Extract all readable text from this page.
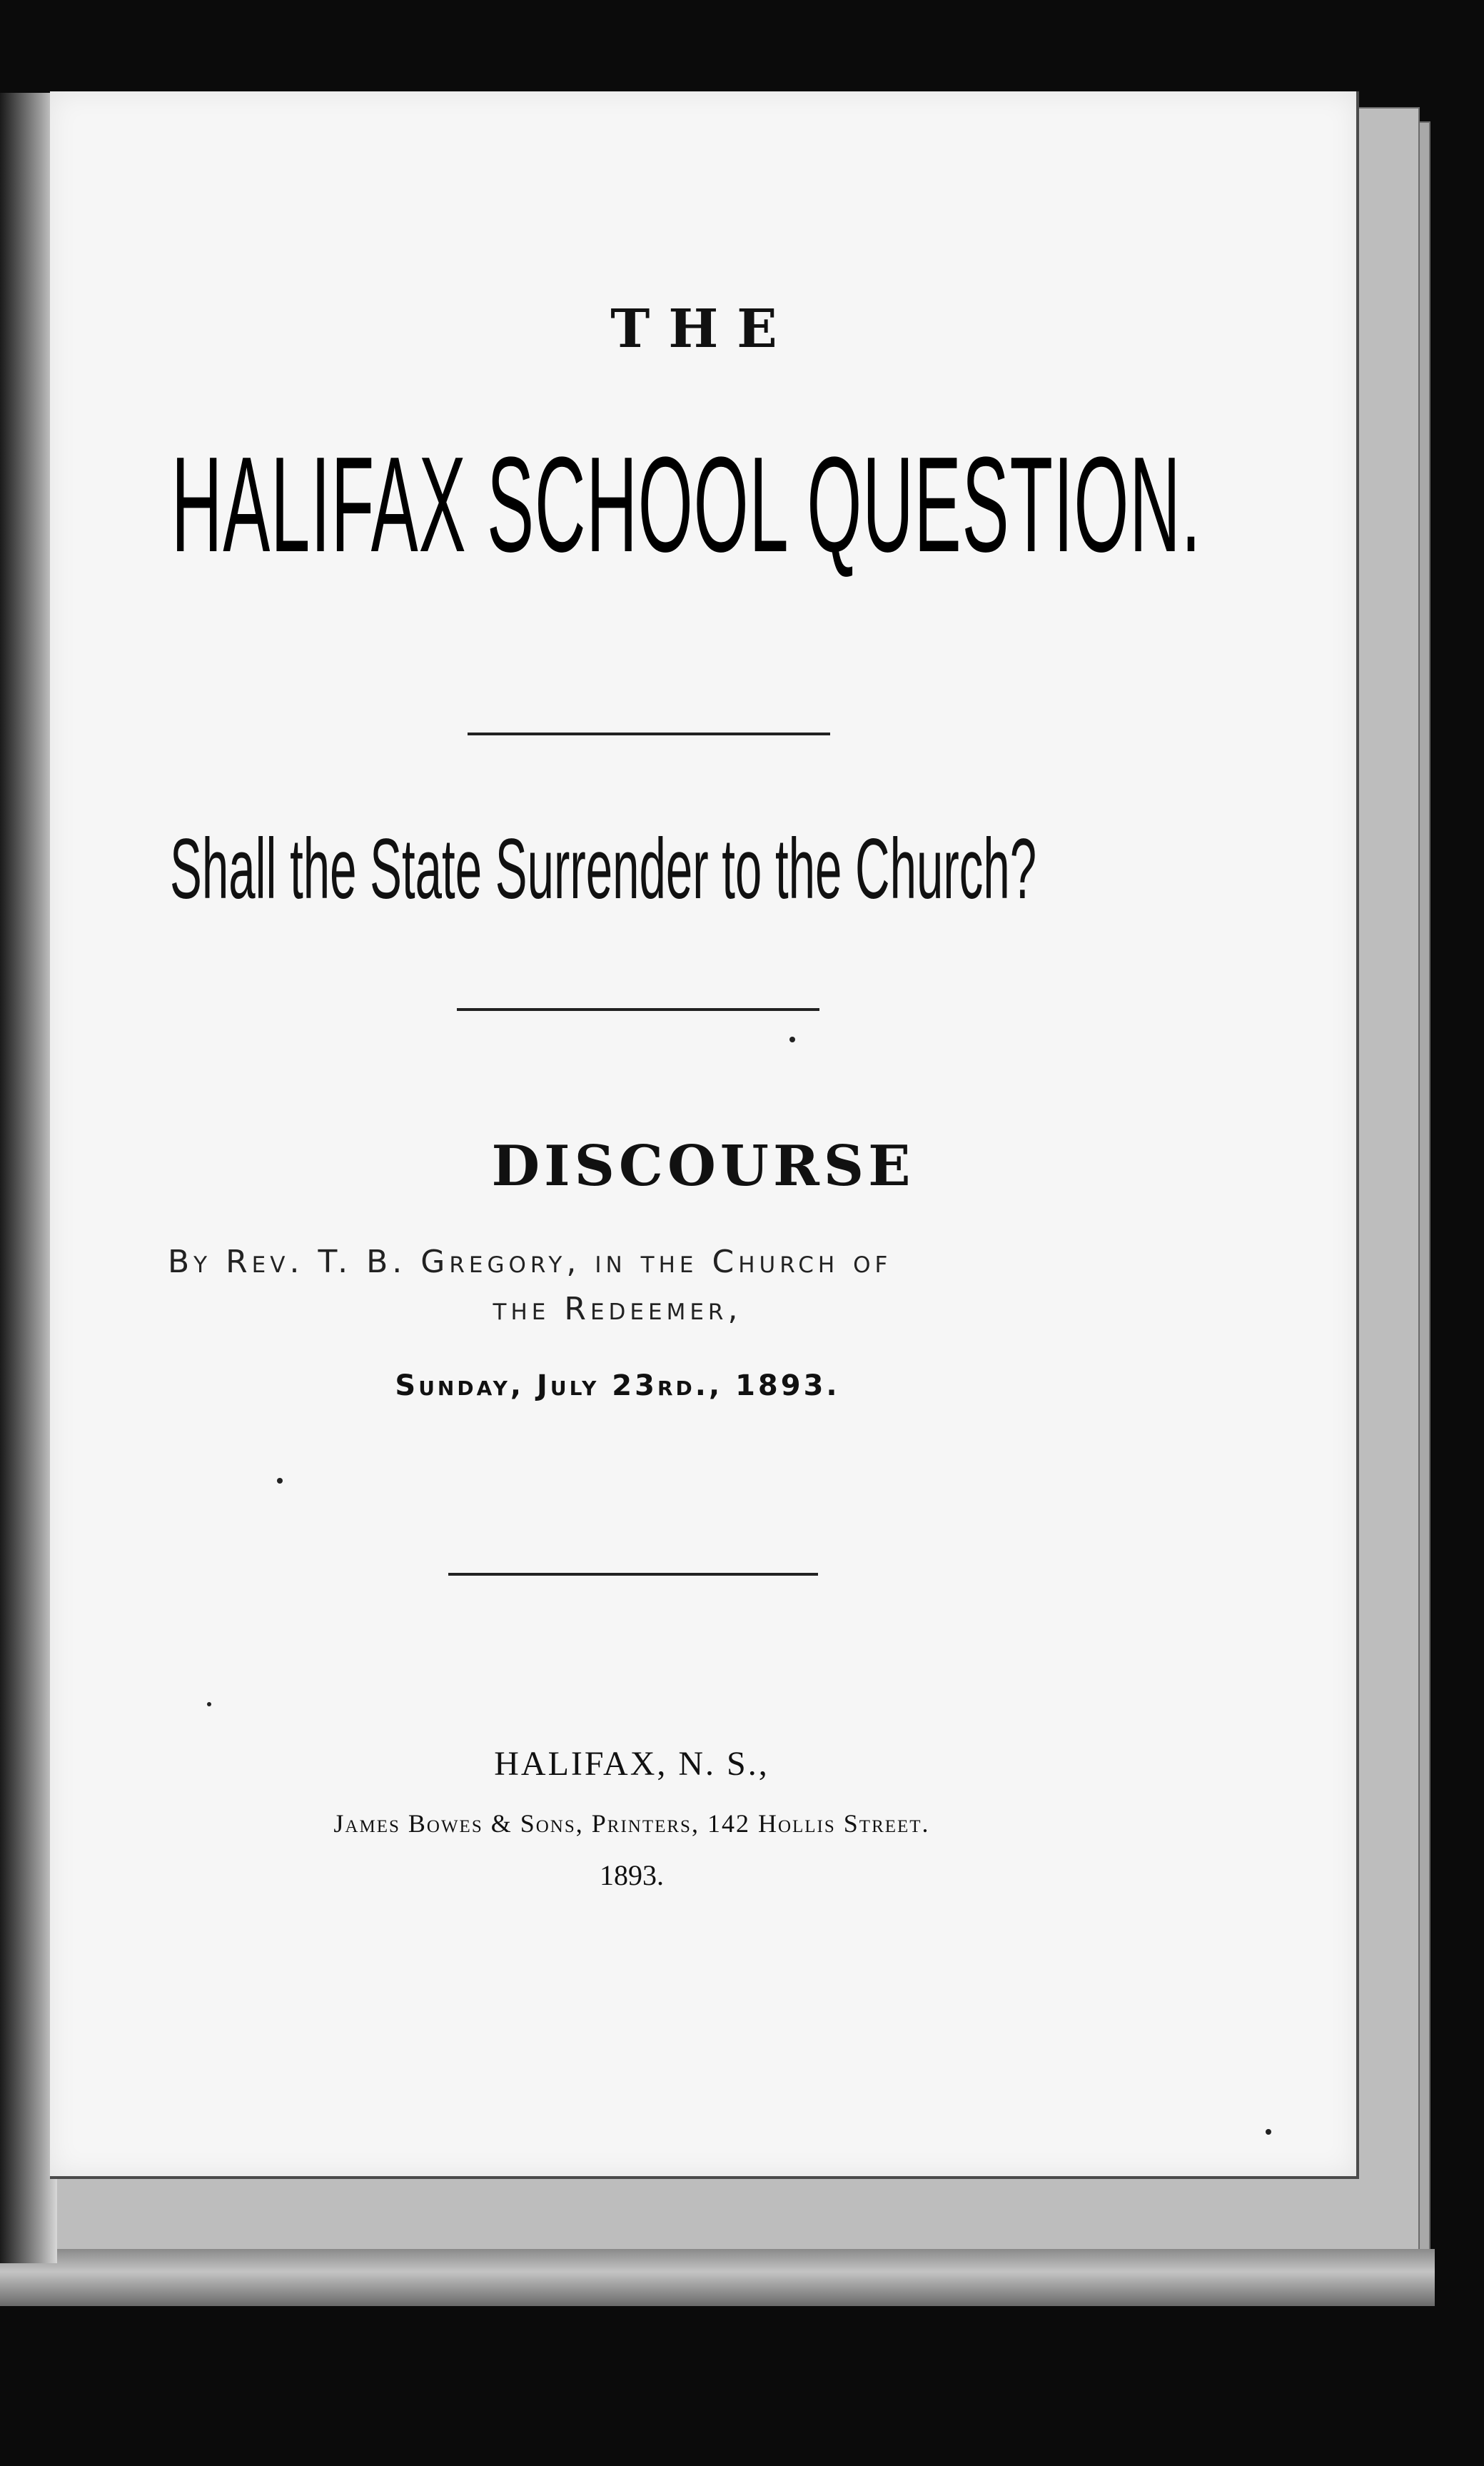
THE
HALIFAX SCHOOL QUESTION.
Shall the State Surrender to the Church?
DISCOURSE
By Rev. T. B. Gregory, in the Church of
the Redeemer,
Sunday, July 23rd., 1893.
HALIFAX, N. S.,
James Bowes & Sons, Printers, 142 Hollis Street.
1893.
